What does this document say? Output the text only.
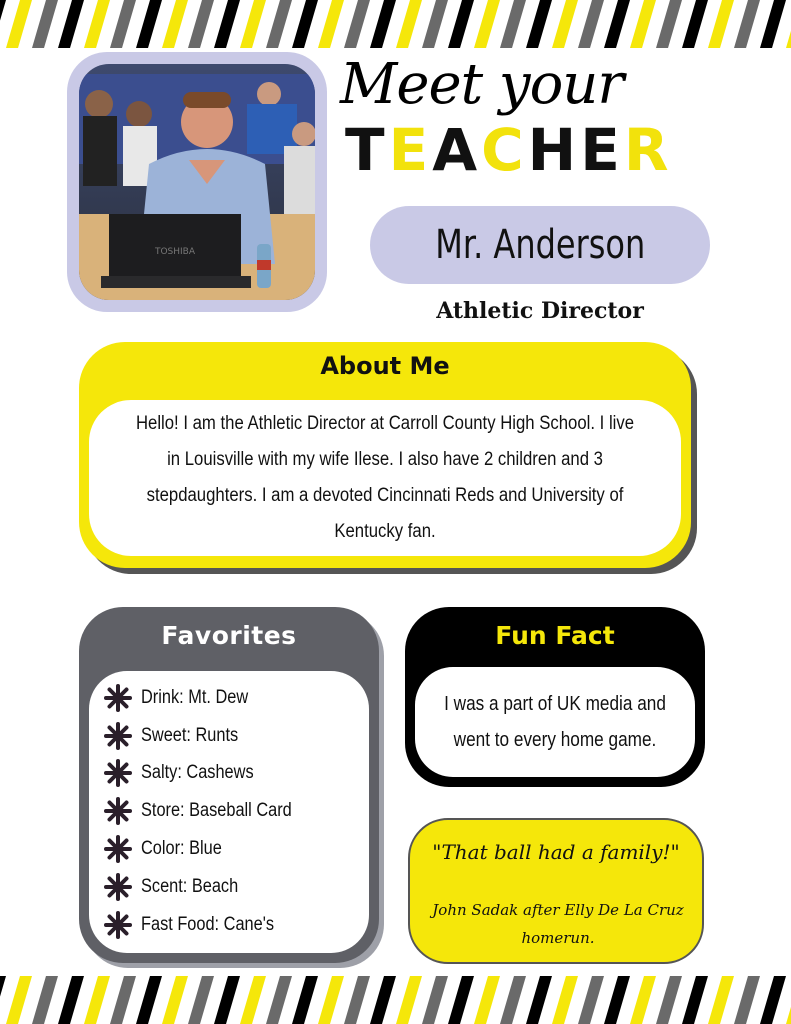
TOSHIBA
Meet your
TEACHER
Mr. Anderson
Athletic Director
About Me
Hello! I am the Athletic Director at Carroll County High School. I live in Louisville with my wife Ilese. I also have 2 children and 3 stepdaughters. I am a devoted Cincinnati Reds and University of Kentucky fan.
Favorites
Drink: Mt. Dew
Sweet: Runts
Salty: Cashews
Store: Baseball Card
Color: Blue
Scent: Beach
Fast Food: Cane's
Fun Fact
I was a part of UK media and went to every home game.
"That ball had a family!"
John Sadak after Elly De La Cruz homerun.
